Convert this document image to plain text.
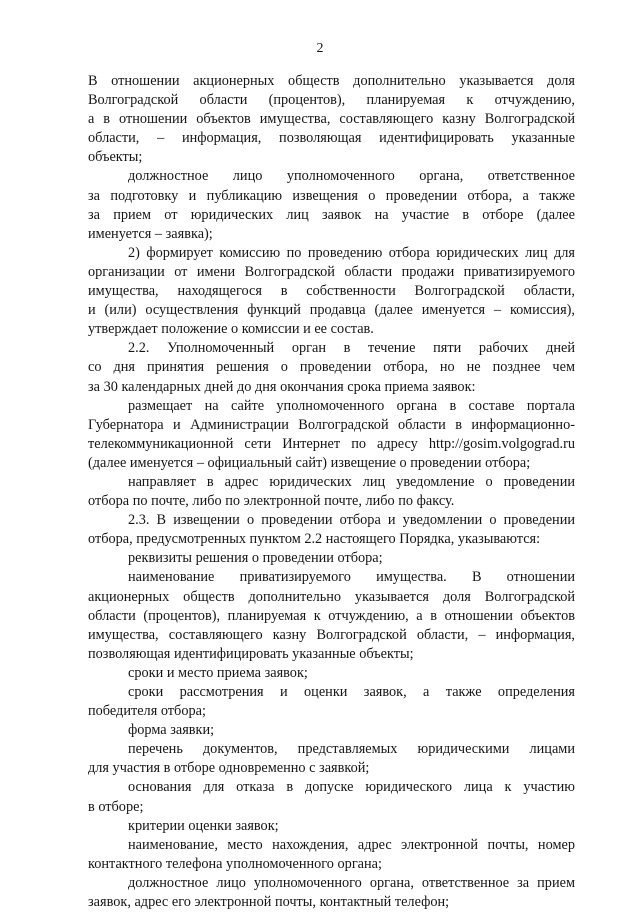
2
В отношении акционерных обществ дополнительно указывается доля
Волгоградской области (процентов), планируемая к отчуждению,
а в отношении объектов имущества, составляющего казну Волгоградской
области, – информация, позволяющая идентифицировать указанные
объекты;
должностное лицо уполномоченного органа, ответственное
за подготовку и публикацию извещения о проведении отбора, а также
за прием от юридических лиц заявок на участие в отборе (далее
именуется – заявка);
2) формирует комиссию по проведению отбора юридических лиц для
организации от имени Волгоградской области продажи приватизируемого
имущества, находящегося в собственности Волгоградской области,
и (или) осуществления функций продавца (далее именуется – комиссия),
утверждает положение о комиссии и ее состав.
2.2. Уполномоченный орган в течение пяти рабочих дней
со дня принятия решения о проведении отбора, но не позднее чем
за 30 календарных дней до дня окончания срока приема заявок:
размещает на сайте уполномоченного органа в составе портала
Губернатора и Администрации Волгоградской области в информационно-
телекоммуникационной сети Интернет по адресу http://gosim.volgograd.ru
(далее именуется – официальный сайт) извещение о проведении отбора;
направляет в адрес юридических лиц уведомление о проведении
отбора по почте, либо по электронной почте, либо по факсу.
2.3. В извещении о проведении отбора и уведомлении о проведении
отбора, предусмотренных пунктом 2.2 настоящего Порядка, указываются:
реквизиты решения о проведении отбора;
наименование приватизируемого имущества. В отношении
акционерных обществ дополнительно указывается доля Волгоградской
области (процентов), планируемая к отчуждению, а в отношении объектов
имущества, составляющего казну Волгоградской области, – информация,
позволяющая идентифицировать указанные объекты;
сроки и место приема заявок;
сроки рассмотрения и оценки заявок, а также определения
победителя отбора;
форма заявки;
перечень документов, представляемых юридическими лицами
для участия в отборе одновременно с заявкой;
основания для отказа в допуске юридического лица к участию
в отборе;
критерии оценки заявок;
наименование, место нахождения, адрес электронной почты, номер
контактного телефона уполномоченного органа;
должностное лицо уполномоченного органа, ответственное за прием
заявок, адрес его электронной почты, контактный телефон;
